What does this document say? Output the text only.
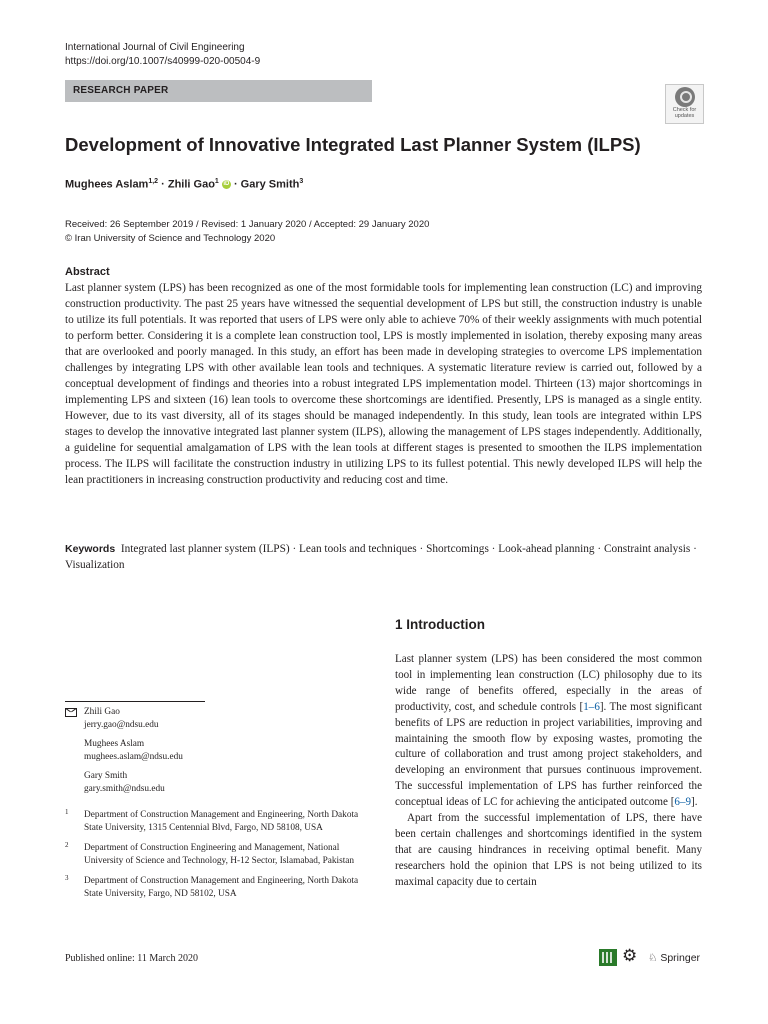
International Journal of Civil Engineering
https://doi.org/10.1007/s40999-020-00504-9
RESEARCH PAPER
Check for
updates
Development of Innovative Integrated Last Planner System (ILPS)
Mughees Aslam$^{1,2}$ · Zhili Gao$^1$ iD · Gary Smith$^3$
Received: 26 September 2019 / Revised: 1 January 2020 / Accepted: 29 January 2020
© Iran University of Science and Technology 2020
Abstract
Last planner system (LPS) has been recognized as one of the most formidable tools for implementing lean construction (LC) and improving construction productivity. The past 25 years have witnessed the sequential development of LPS but still, the construction industry is unable to utilize its full potentials. It was reported that users of LPS were only able to achieve 70% of their weekly assignments with much potential to perform better. Considering it is a complete lean construction tool, LPS is mostly implemented in isolation, thereby exposing many areas that are overlooked and poorly managed. In this study, an effort has been made in developing strategies to overcome LPS implementation challenges by integrating LPS with other available lean tools and techniques. A systematic literature review is carried out, followed by a conceptual development of findings and theories into a robust integrated LPS implementation model. Thirteen (13) major shortcomings in implementing LPS and sixteen (16) lean tools to overcome these shortcomings are identified. Presently, LPS is managed as a single entity. However, due to its vast diversity, all of its stages should be managed independently. In this study, lean tools are integrated within LPS stages to develop the innovative integrated last planner system (ILPS), allowing the management of LPS stages independently. Additionally, a guideline for sequential amalgamation of LPS with the lean tools at different stages is presented to smoothen the ILPS implementation process. The ILPS will facilitate the construction industry in utilizing LPS to its fullest potential. This newly developed ILPS will help the lean practitioners in increasing construction productivity and reducing cost and time.
Keywords Integrated last planner system (ILPS) · Lean tools and techniques · Shortcomings · Look-ahead planning · Constraint analysis · Visualization
1 Introduction

Last planner system (LPS) has been considered the most common tool in implementing lean construction (LC) philosophy due to its wide range of benefits offered, especially in the areas of productivity, cost, and schedule controls [1–6]. The most significant benefits of LPS are reduction in project variabilities, improving and maintaining the smooth flow by exposing wastes, promoting the culture of collaboration and trust among project stakeholders, and developing an environment that pursues continuous improvement. The successful implementation of LPS has further reinforced the conceptual ideas of LC for achieving the anticipated outcome [6–9].

Apart from the successful implementation of LPS, there have been certain challenges and shortcomings identified in the system that are causing hindrances in receiving optimal benefit. Many researchers hold the opinion that LPS is not being utilized to its maximal capacity due to certain

Zhili Gao
jerry.gao@ndsu.edu
Mughees Aslam
mughees.aslam@ndsu.edu
Gary Smith
gary.smith@ndsu.edu
1 Department of Construction Management and Engineering, North Dakota State University, 1315 Centennial Blvd, Fargo, ND 58108, USA
2 Department of Construction Engineering and Management, National University of Science and Technology, H-12 Sector, Islamabad, Pakistan
3 Department of Construction Management and Engineering, North Dakota State University, Fargo, ND 58102, USA
Published online: 11 March 2020	⚙ ♘ Springer
